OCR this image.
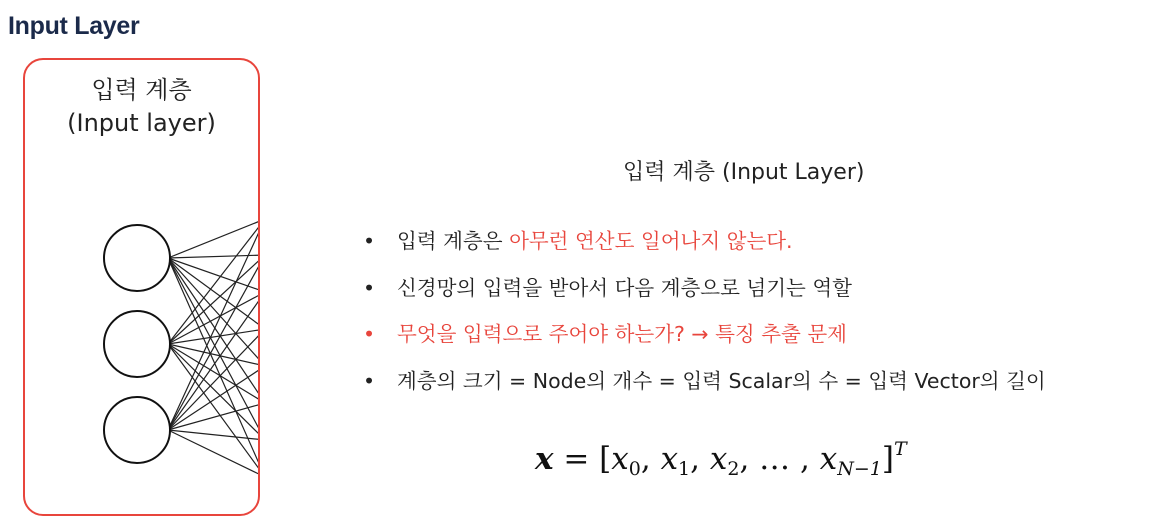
Input Layer

입력 계층
(Input layer)

입력 계층 (Input Layer)
• 입력 계층은 아무런 연산도 일어나지 않는다.
• 신경망의 입력을 받아서 다음 계층으로 넘기는 역할
• 무엇을 입력으로 주어야 하는가? → 특징 추출 문제
• 계층의 크기 = Node의 개수 = 입력 Scalar의 수 = 입력 Vector의 길이
$x = [x_0$, $x_1$, $x_2$, … , $x_{N-1}]^T$
